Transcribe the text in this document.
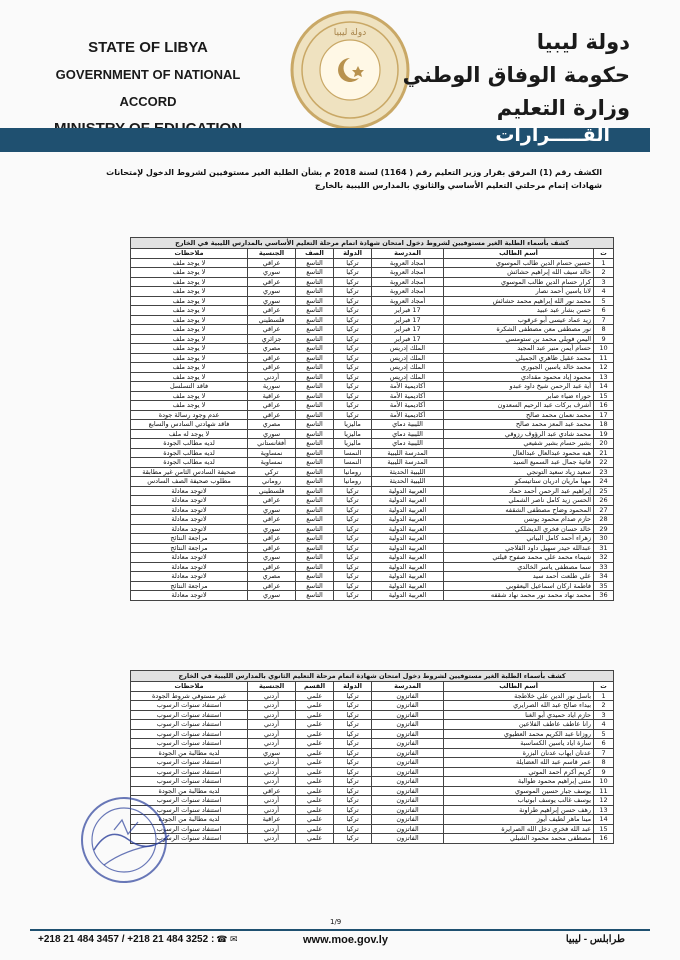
STATE OF LIBYA
GOVERNMENT OF NATIONAL ACCORD
دولة ليبيا	دولة ليبيا
حكومة الوفاق الوطني
وزارة التعليم
القـــــرارات
الكشف رقم (1) المرفق بقرار وزير التعليم رقم ( 1164) لسنة 2018 م بشأن الطلبة الغير مستوفيين لشروط الدخول لإمتحانات شهادات إتمام مرحلتي التعليم الأساسي والثانوي بالمدارس الليبية بالخارج
كشف بأسماء الطلبة الغير مستوفيين لشروط دخول امتحان شهادة اتمام مرحلة التعليم الأساسي بالمدارس الليبية في الخارج						
ت	أسم الطالب	المدرسة	الدولة	الصف	الجنسية	ملاحظات
1	حسين حسام الدين طالب الموسوي	أمجاد العروبة	تركيا	التاسع	عراقي	لا يوجد ملف
2	خالد سيف الله إبراهيم حشائش	أمجاد العروبة	تركيا	التاسع	سوري	لا يوجد ملف
3	كرار حسام الدين طالب الموسوي	أمجاد العروبة	تركيا	التاسع	عراقي	لا يوجد ملف
4	لانا ياسين أحمد نصار	أمجاد العروبة	تركيا	التاسع	سوري	لا يوجد ملف
5	محمد نور الله إبراهيم محمد حشائش	أمجاد العروبة	تركيا	التاسع	سوري	لا يوجد ملف
6	حسن بشار عبد عبيد	17 فبراير	تركيا	التاسع	عراقي	لا يوجد ملف
7	زيد عماد عيسى أبو عرقوب	17 فبراير	تركيا	التاسع	فلسطيني	لا يوجد ملف
8	نور مصطفى معن مصطفى الشكرة	17 فبراير	تركيا	التاسع	عراقي	لا يوجد ملف
9	اليمن فويلي محمد بن ستومسي	17 فبراير	تركيا	التاسع	جزائري	لا يوجد ملف
10	حسام أيمن منير عبد المجيد	الملك إدريس	تركيا	التاسع	مصري	لا يوجد ملف
11	محمد عقيل ظاهري الجميلي	الملك إدريس	تركيا	التاسع	عراقي	لا يوجد ملف
12	محمد خالد ياسين الجبوري	الملك إدريس	تركيا	التاسع	عراقي	لا يوجد ملف
13	محمود إياد محمود مقدادي	الملك إدريس	تركيا	التاسع	أردني	لا يوجد ملف
14	أية عبد الرحمن شيخ داود عبدو	أكاديمية الأمة	تركيا	التاسع	سورية	فاقد التسلسل
15	حوراء ضياء صابر	أكاديمية الأمة	تركيا	التاسع	عراقية	لا يوجد ملف
16	أشرف بركات عبد الرحيم السعدون	أكاديمية الأمة	تركيا	التاسع	عراقي	لا يوجد ملف
17	محمد نعمان محمد صالح	أكاديمية الأمة	تركيا	التاسع	عراقي	عدم وجود رسالة جودة
18	محمد عبد المعز محمد صالح	الليبية دماي	ماليزيا	التاسع	مصري	فاقد شهادتي السادس والسابع
19	محمد شادي عبد الرؤوف رزوقي	الليبية دماي	ماليزيا	التاسع	سوري	لا يوجد له ملف
20	بشير حسام بشير شفيعي	الليبية دماي	ماليزيا	التاسع	أفغانستاني	لديه مطالب الجودة
21	هبه محمود عبدالعال عبدالعال	المدرسة الليبية	النمسا	التاسع	نمساوية	لديه مطالب الجودة
22	فاتية جمال عبد السميع السيد	المدرسة الليبية	النمسا	التاسع	نمساوية	لديه مطالب الجودة
23	سعيد زياد سعيد التونجي	الليبية الحديثة	رومانيا	التاسع	تركي	صحيفة السادس الثامن غير مطابقة
24	مهيا ماريان ادريان ستاتيسكو	الليبية الحديثة	رومانيا	التاسع	روماني	مطلوب صحيفة الصف السادس
25	إبراهيم عبد الرحمن أحمد حماد	العربية الدولية	تركيا	التاسع	فلسطيني	لاتوجد معادلة
26	الحسن زيد كامل ناصر الشملي	العربية الدولية	تركيا	التاسع	عراقي	لاتوجد معادلة
27	المحمود وضاح مصطفى الشقفه	العربية الدولية	تركيا	التاسع	سوري	لاتوجد معادلة
28	حازم صدام محمود يونس	العربية الدولية	تركيا	التاسع	عراقي	لاتوجد معادلة
29	خالد حسان فخري الديشلكي	العربية الدولية	تركيا	التاسع	سوري	لاتوجد معادلة
30	زهراء أحمد كامل البياتي	العربية الدولية	تركيا	التاسع	عراقي	مراجعة النتائج
31	عبدالله حيدر سهيل داود القلاجي	العربية الدولية	تركيا	التاسع	عراقي	مراجعة النتائج
32	شيماء محمد علي محمد صفوح قيلتي	العربية الدولية	تركيا	التاسع	سوري	لاتوجد معادلة
33	سما مصطفى ياسر الخالدي	العربية الدولية	تركيا	التاسع	عراقي	لاتوجد معادلة
34	علي طلعت أحمد سيد	العربية الدولية	تركيا	التاسع	مصري	لاتوجد معادلة
35	فاطمة اركان اسماعيل اليعقوبي	العربية الدولية	تركيا	التاسع	عراقي	مراجعة النتائج
36	محمد نهاد محمد نور محمد نهاد شقفه	العربية الدولية	تركيا	التاسع	سوري	لاتوجد معادلة
كشف بأسماء الطلبة الغير مستوفيين لشروط دخول امتحان شهادة اتمام مرحلة التعليم الثانوي بالمدارس الليبية في الخارج						
ت	أسم الطالب	المدرسة	الدولة	القسم	الجنسية	ملاحظات
1	باسل نور الدين علي خلاطجة	الفاتزون	تركيا	علمي	أردني	غير مستوفي شروط الجودة
2	بيداء صالح عبد الله الصرايري	الفاتزون	تركيا	علمي	أردني	استنفاد سنوات الرسوب
3	حازم اياد حميدي أبو الغنا	الفاتزون	تركيا	علمي	أردني	استنفاد سنوات الرسوب
4	رانا عاطف عاطف الفلاعين	الفاتزون	تركيا	علمي	أردني	استنفاد سنوات الرسوب
5	روزانا عبد الكريم محمد العطيوي	الفاتزون	تركيا	علمي	أردني	استنفاد سنوات الرسوب
6	سارة اياد ياسين الكساسبة	الفاتزون	تركيا	علمي	أردني	استنفاد سنوات الرسوب
7	عدنان ايهاب عدنان البزرة	الفاتزون	تركيا	علمي	سوري	لديه مطالبة من الجودة
8	عمر قاسم عبد الله العضايلة	الفاتزون	تركيا	علمي	أردني	استنفاد سنوات الرسوب
9	كريم أكرم أحمد الموتي	الفاتزون	تركيا	علمي	أردني	استنفاد سنوات الرسوب
10	متنى إبراهيم محمود طوالبة	الفاتزون	تركيا	علمي	أردني	استنفاد سنوات الرسوب
11	يوسف جبار حسين الموسوي	الفاتزون	تركيا	علمي	عراقي	لديه مطالبة من الجودة
12	يوسف غالب يوسف ابوتياب	الفاتزون	تركيا	علمي	أردني	استنفاد سنوات الرسوب
13	رهف حسن إبراهيم طراونة	الفاتزون	تركيا	علمي	أردني	استنفاد سنوات الرسوب
14	مينا ماهر لطيف أيوز	الفاتزون	تركيا	علمي	عراقية	لديه مطالبة من الجودة
15	عبد الله فخري دخل الله الصرايرة	الفاتزون	تركيا	علمي	أردني	استنفاد سنوات الرسوب
16	مصطفى محمد محمود الشيلي	الفاتزون	تركيا	علمي	أردني	استنفاد سنوات الرسوب
1/9
+218 21 484 3457 / +218 21 484 3252 : ☎ ✉	www.moe.gov.ly	طرابلس - ليبيا
